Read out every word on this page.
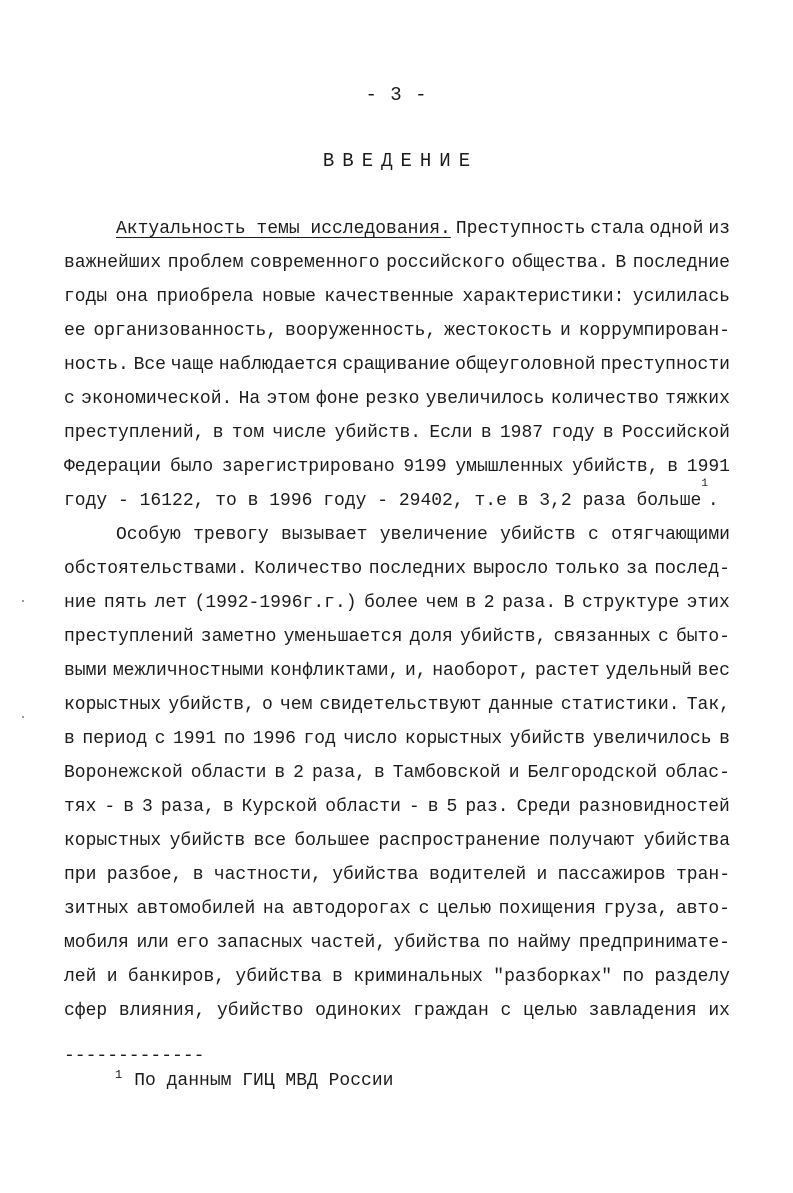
- 3 -
ВВЕДЕНИЕ
Актуальность темы исследования. Преступность стала одной из
важнейших проблем современного российского общества. В последние
годы она приобрела новые качественные характеристики: усилилась
ее организованность, вооруженность, жестокость и коррумпирован-
ность. Все чаще наблюдается сращивание общеуголовной преступности
с экономической. На этом фоне резко увеличилось количество тяжких
преступлений, в том числе убийств. Если в 1987 году в Российской
Федерации было зарегистрировано 9199 умышленных убийств, в 1991
году - 16122, то в 1996 году - 29402, т.е в 3,2 раза больше
1
.
Особую тревогу вызывает увеличение убийств с отягчающими
обстоятельствами. Количество последних выросло только за послед-
ние пять лет (1992-1996г.г.) более чем в 2 раза. В структуре этих
преступлений заметно уменьшается доля убийств, связанных с быто-
выми межличностными конфликтами, и, наоборот, растет удельный вес
корыстных убийств, о чем свидетельствуют данные статистики. Так,
в период с 1991 по 1996 год число корыстных убийств увеличилось в
Воронежской области в 2 раза, в Тамбовской и Белгородской облас-
тях - в 3 раза, в Курской области - в 5 раз. Среди разновидностей
корыстных убийств все большее распространение получают убийства
при разбое, в частности, убийства водителей и пассажиров тран-
зитных автомобилей на автодорогах с целью похищения груза, авто-
мобиля или его запасных частей, убийства по найму предпринимате-
лей и банкиров, убийства в криминальных "разборках" по разделу
сфер влияния, убийство одиноких граждан с целью завладения их
-------------
$^1$ По данным ГИЦ МВД России
